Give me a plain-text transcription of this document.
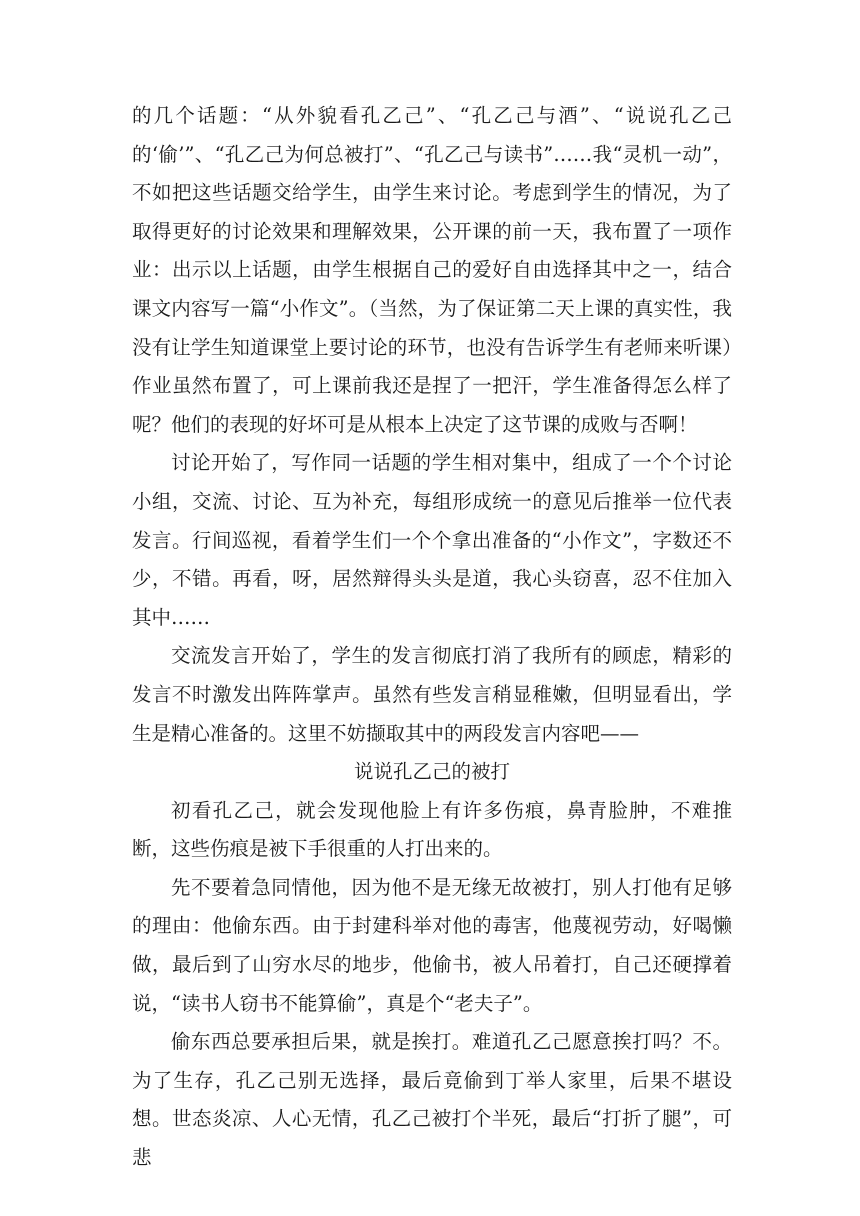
的几个话题：“从外貌看孔乙己”、“孔乙己与酒”、“说说孔乙己的‘偷’”、“孔乙己为何总被打”、“孔乙己与读书”……我“灵机一动”，不如把这些话题交给学生，由学生来讨论。考虑到学生的情况，为了取得更好的讨论效果和理解效果，公开课的前一天，我布置了一项作业：出示以上话题，由学生根据自己的爱好自由选择其中之一，结合课文内容写一篇“小作文”。（当然，为了保证第二天上课的真实性，我没有让学生知道课堂上要讨论的环节，也没有告诉学生有老师来听课）作业虽然布置了，可上课前我还是捏了一把汗，学生准备得怎么样了呢？他们的表现的好坏可是从根本上决定了这节课的成败与否啊！

讨论开始了，写作同一话题的学生相对集中，组成了一个个讨论小组，交流、讨论、互为补充，每组形成统一的意见后推举一位代表发言。行间巡视，看着学生们一个个拿出准备的“小作文”，字数还不少，不错。再看，呀，居然辩得头头是道，我心头窃喜，忍不住加入其中……

交流发言开始了，学生的发言彻底打消了我所有的顾虑，精彩的发言不时激发出阵阵掌声。虽然有些发言稍显稚嫩，但明显看出，学生是精心准备的。这里不妨撷取其中的两段发言内容吧——

说说孔乙己的被打

初看孔乙己，就会发现他脸上有许多伤痕，鼻青脸肿，不难推断，这些伤痕是被下手很重的人打出来的。

先不要着急同情他，因为他不是无缘无故被打，别人打他有足够的理由：他偷东西。由于封建科举对他的毒害，他蔑视劳动，好喝懒做，最后到了山穷水尽的地步，他偷书，被人吊着打，自己还硬撑着说，“读书人窃书不能算偷”，真是个“老夫子”。

偷东西总要承担后果，就是挨打。难道孔乙己愿意挨打吗？不。为了生存，孔乙己别无选择，最后竟偷到丁举人家里，后果不堪设想。世态炎凉、人心无情，孔乙己被打个半死，最后“打折了腿”，可悲
